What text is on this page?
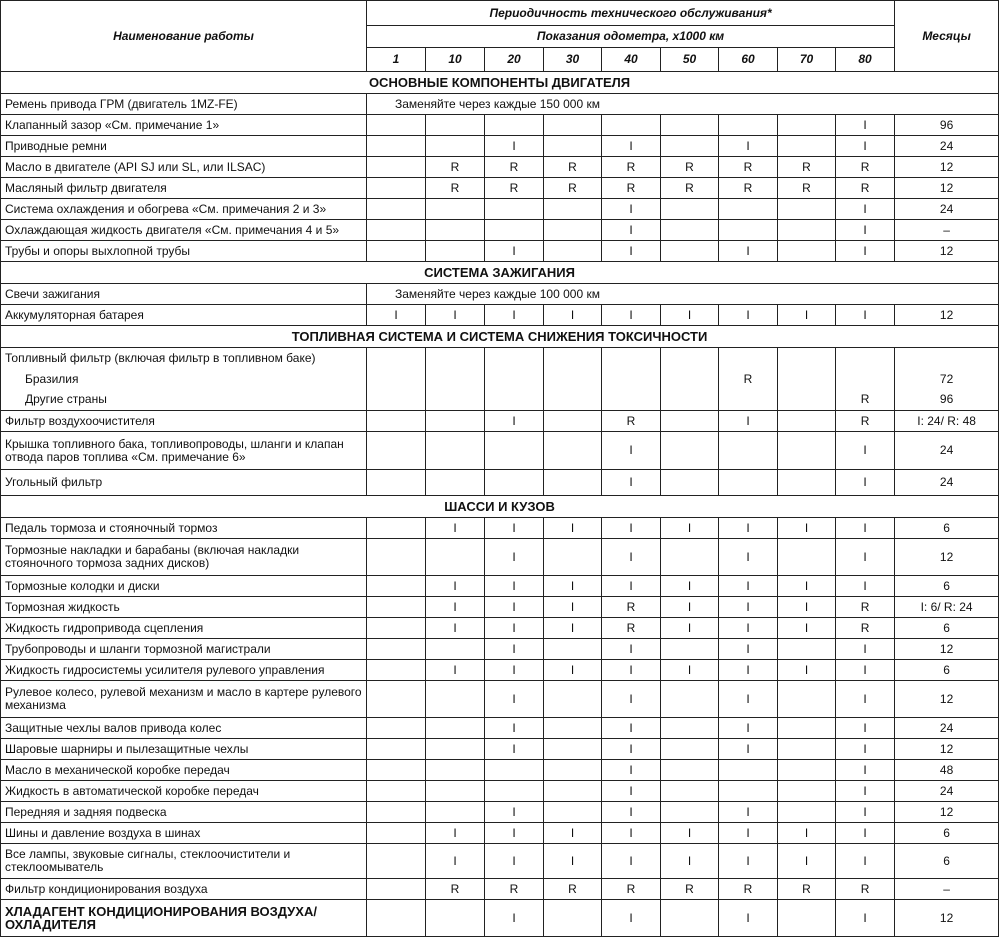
Наименование работы	Периодичность технического обслуживания*									Месяцы
	Показания одометра, х1000 км									
	1	10	20	30	40	50	60	70	80	
ОСНОВНЫЕ КОМПОНЕНТЫ ДВИГАТЕЛЯ										
Ремень привода ГРМ (двигатель 1MZ-FE)	Заменяйте через каждые 150 000 км									
Клапанный зазор «См. примечание 1»									I	96
Приводные ремни			I		I		I		I	24
Масло в двигателе (API SJ или SL, или ILSAC)		R	R	R	R	R	R	R	R	12
Масляный фильтр двигателя		R	R	R	R	R	R	R	R	12
Система охлаждения и обогрева «См. примечания 2 и 3»					I				I	24
Охлаждающая жидкость двигателя «См. примечания 4 и 5»					I				I	–
Трубы и опоры выхлопной трубы			I		I		I		I	12
СИСТЕМА ЗАЖИГАНИЯ										
Свечи зажигания	Заменяйте через каждые 100 000 км									
Аккумуляторная батарея	I	I	I	I	I	I	I	I	I	12
ТОПЛИВНАЯ СИСТЕМА И СИСТЕМА СНИЖЕНИЯ ТОКСИЧНОСТИ										
Топливный фильтр (включая фильтр в топливном баке)										
Бразилия							R			72
Другие страны									R	96
Фильтр воздухоочистителя			I		R		I		R	I: 24/ R: 48
Крышка топливного бака, топливопроводы, шланги и клапан отвода паров топлива «См. примечание 6»					I				I	24
Угольный фильтр					I				I	24
ШАССИ И КУЗОВ										
Педаль тормоза и стояночный тормоз		I	I	I	I	I	I	I	I	6
Тормозные накладки и барабаны (включая накладки стояночного тормоза задних дисков)			I		I		I		I	12
Тормозные колодки и диски		I	I	I	I	I	I	I	I	6
Тормозная жидкость		I	I	I	R	I	I	I	R	I: 6/ R: 24
Жидкость гидропривода сцепления		I	I	I	R	I	I	I	R	6
Трубопроводы и шланги тормозной магистрали			I		I		I		I	12
Жидкость гидросистемы усилителя рулевого управления		I	I	I	I	I	I	I	I	6
Рулевое колесо, рулевой механизм и масло в картере рулевого механизма			I		I		I		I	12
Защитные чехлы валов привода колес			I		I		I		I	24
Шаровые шарниры и пылезащитные чехлы			I		I		I		I	12
Масло в механической коробке передач					I				I	48
Жидкость в автоматической коробке передач					I				I	24
Передняя и задняя подвеска			I		I		I		I	12
Шины и давление воздуха в шинах		I	I	I	I	I	I	I	I	6
Все лампы, звуковые сигналы, стеклоочистители и стеклоомыватель		I	I	I	I	I	I	I	I	6
Фильтр кондиционирования воздуха		R	R	R	R	R	R	R	R	–
ХЛАДАГЕНТ КОНДИЦИОНИРОВАНИЯ ВОЗДУХА/ОХЛАДИТЕЛЯ			I		I		I		I	12
